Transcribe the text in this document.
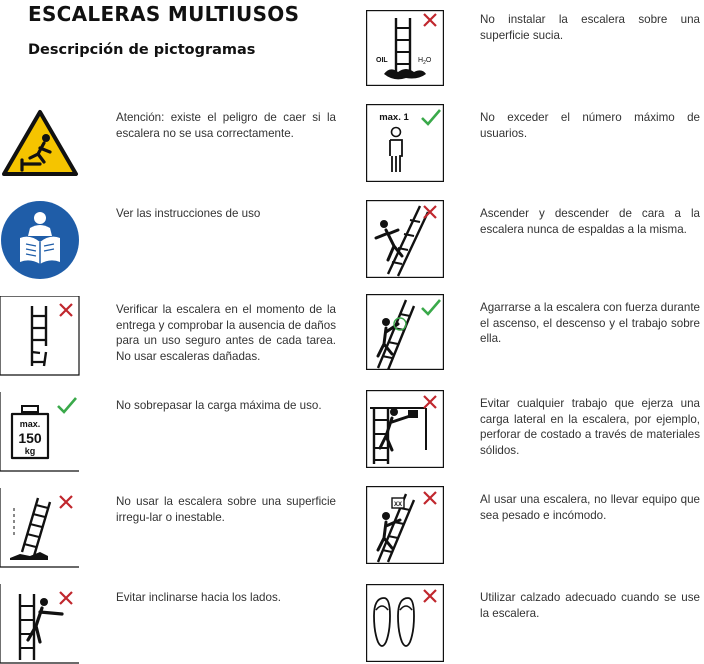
ESCALERAS MULTIUSOS
Descripción de pictogramas
Atención: existe el peligro de caer si la escalera no se usa correctamente.
Ver las instrucciones de uso
Verificar la escalera en el momento de la entrega y comprobar la ausencia de daños para un uso seguro antes de cada tarea. No usar escaleras dañadas.
max.
150
kg
No sobrepasar la carga máxima de uso.
No usar la escalera sobre una superficie irregu-lar o inestable.
Evitar inclinarse hacia los lados.
OIL	$H_2O$
No instalar la escalera sobre una superficie sucia.
max. 1	No exceder el número máximo de usuarios.
Ascender y descender de cara a la escalera nunca de espaldas a la misma.
Agarrarse a la escalera con fuerza durante el ascenso, el descenso y el trabajo sobre ella.
Evitar cualquier trabajo que ejerza una carga lateral en la escalera, por ejemplo, perforar de costado a través de materiales sólidos.
XX	Al usar una escalera, no llevar equipo que sea pesado e incómodo.
Utilizar calzado adecuado cuando se use la escalera.
